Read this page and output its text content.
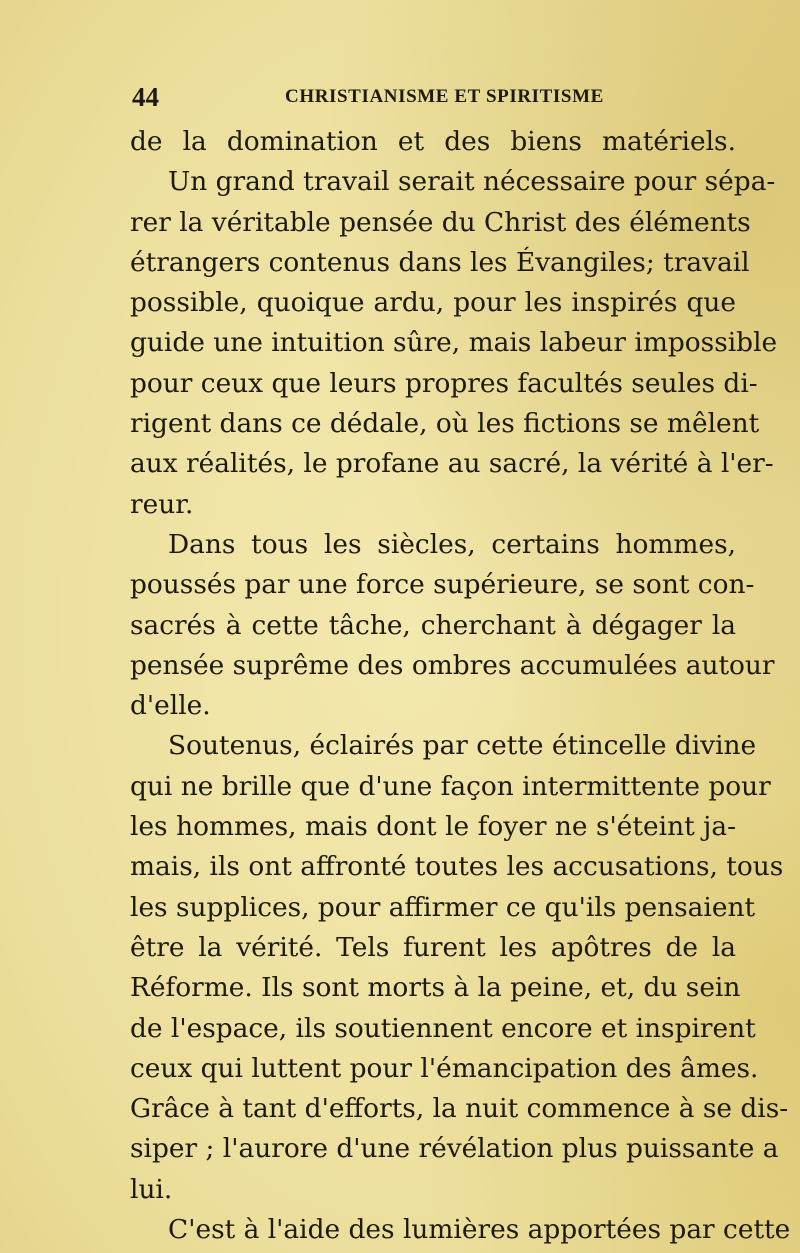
44	CHRISTIANISME ET SPIRITISME
de la domination et des biens matériels.
Un grand travail serait nécessaire pour sépa-
rer la véritable pensée du Christ des éléments
étrangers contenus dans les Évangiles; travail
possible, quoique ardu, pour les inspirés que
guide une intuition sûre, mais labeur impossible
pour ceux que leurs propres facultés seules di-
rigent dans ce dédale, où les fictions se mêlent
aux réalités, le profane au sacré, la vérité à l'er-
reur.
Dans tous les siècles, certains hommes,
poussés par une force supérieure, se sont con-
sacrés à cette tâche, cherchant à dégager la
pensée suprême des ombres accumulées autour
d'elle.
Soutenus, éclairés par cette étincelle divine
qui ne brille que d'une façon intermittente pour
les hommes, mais dont le foyer ne s'éteint ja-
mais, ils ont affronté toutes les accusations, tous
les supplices, pour affirmer ce qu'ils pensaient
être la vérité. Tels furent les apôtres de la
Réforme. Ils sont morts à la peine, et, du sein
de l'espace, ils soutiennent encore et inspirent
ceux qui luttent pour l'émancipation des âmes.
Grâce à tant d'efforts, la nuit commence à se dis-
siper ; l'aurore d'une révélation plus puissante a
lui.
C'est à l'aide des lumières apportées par cette
